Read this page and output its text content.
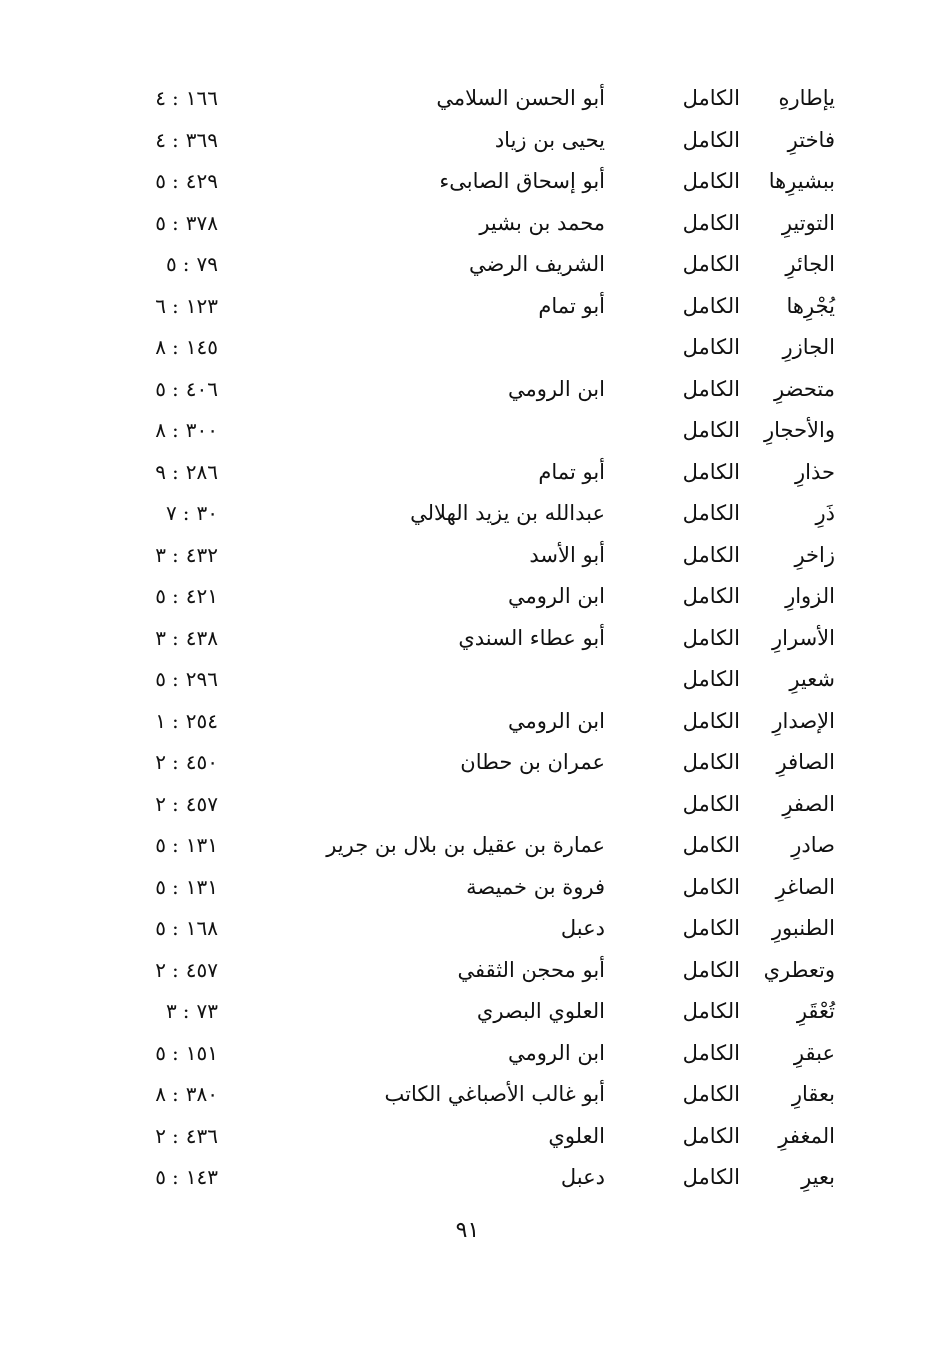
يإطارهِ
الكامل
أبو الحسن السلامي
١٦٦:٤
فاخترِ
الكامل
يحيى بن زياد
٣٦٩:٤
ببشيرِها
الكامل
أبو إسحاق الصابىء
٤٢٩:٥
التوتيرِ
الكامل
محمد بن بشير
٣٧٨:٥
الجائرِ
الكامل
الشريف الرضي
٧٩:٥
يُجْرِها
الكامل
أبو تمام
١٢٣:٦
الجازرِ
الكامل
١٤٥:٨
متحضرِ
الكامل
ابن الرومي
٤٠٦:٥
والأحجارِ
الكامل
٣٠٠:٨
حذارِ
الكامل
أبو تمام
٢٨٦:٩
ذَرِ
الكامل
عبدالله بن يزيد الهلالي
٣٠:٧
زاخرِ
الكامل
أبو الأسد
٤٣٢:٣
الزوارِ
الكامل
ابن الرومي
٤٢١:٥
الأسرارِ
الكامل
أبو عطاء السندي
٤٣٨:٣
شعيرِ
الكامل
٢٩٦:٥
الإصدارِ
الكامل
ابن الرومي
٢٥٤:١
الصافرِ
الكامل
عمران بن حطان
٤٥٠:٢
الصفرِ
الكامل
٤٥٧:٢
صادرِ
الكامل
عمارة بن عقيل بن بلال بن جرير
١٣١:٥
الصاغرِ
الكامل
فروة بن خميصة
١٣١:٥
الطنبورِ
الكامل
دعبل
١٦٨:٥
وتعطري
الكامل
أبو محجن الثقفي
٤٥٧:٢
تُعْقَرِ
الكامل
العلوي البصري
٧٣:٣
عبقرِ
الكامل
ابن الرومي
١٥١:٥
بعقارِ
الكامل
أبو غالب الأصباغي الكاتب
٣٨٠:٨
المغفرِ
الكامل
العلوي
٤٣٦:٢
بعيرِ
الكامل
دعبل
١٤٣:٥
٩١
